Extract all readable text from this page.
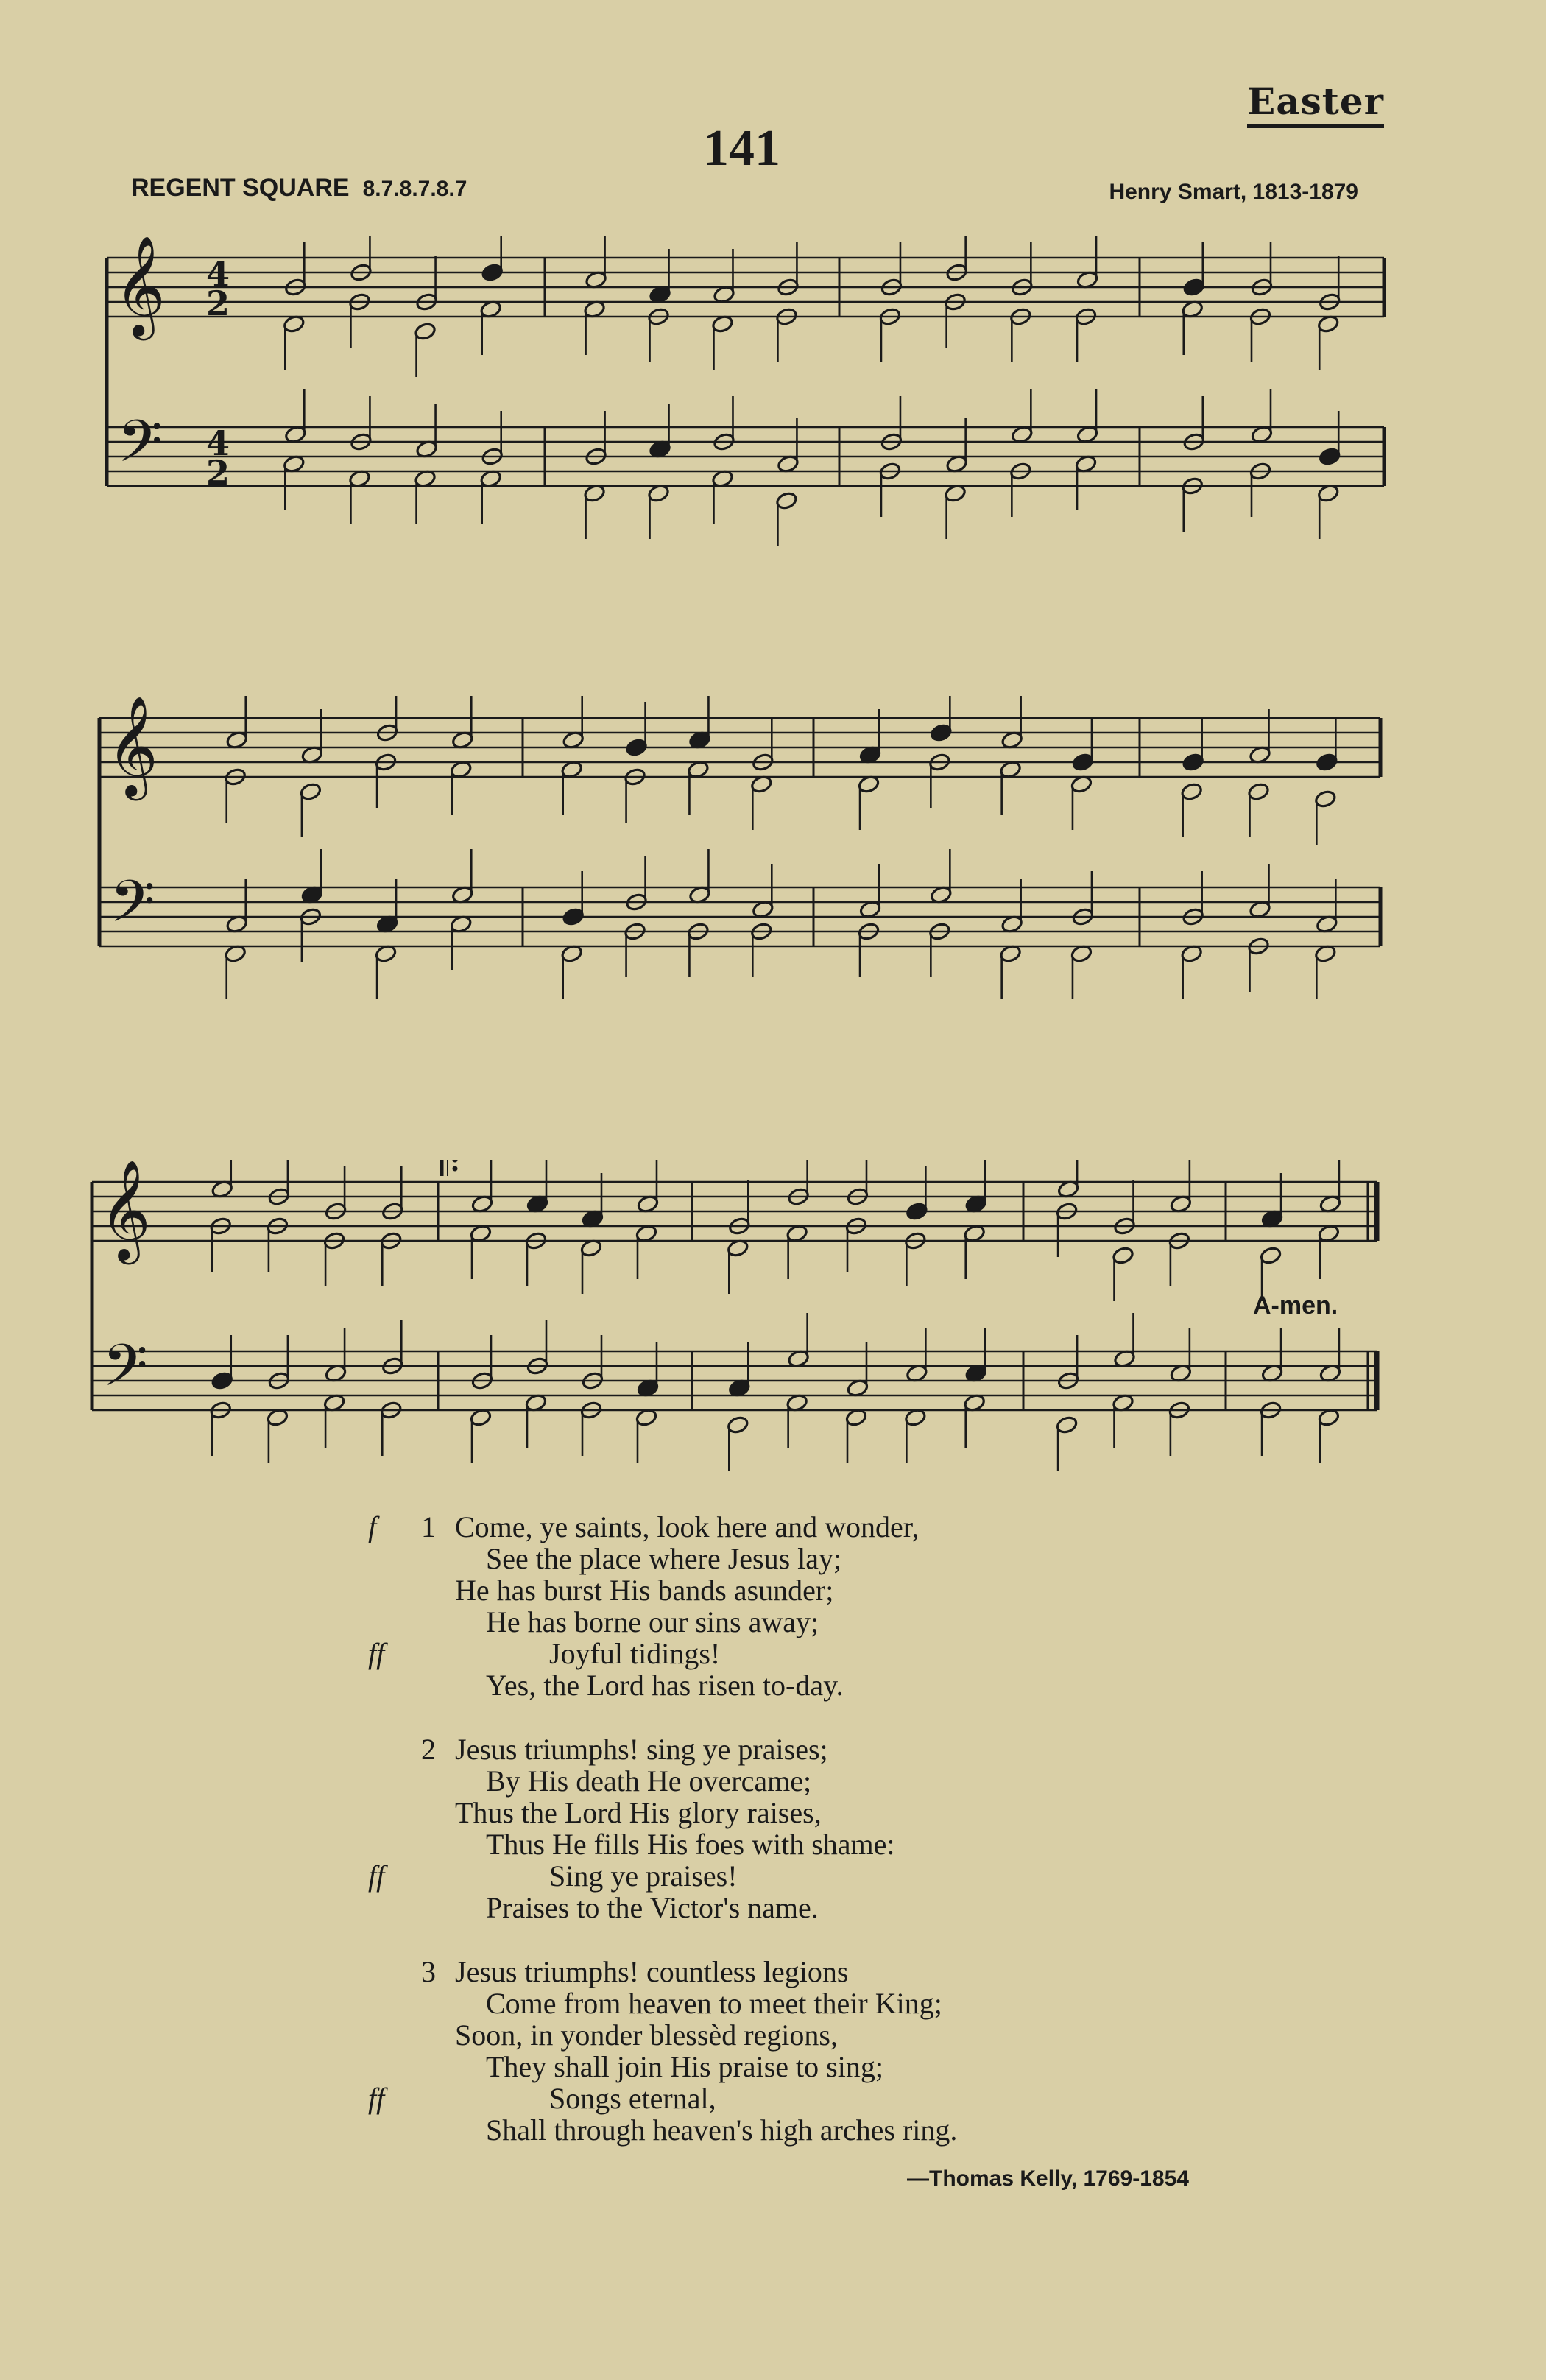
Easter
141
REGENT SQUARE 8.7.8.7.8.7	Henry Smart, 1813-1879
𝄞
𝄢
4
2
4
2
𝄞
𝄢
𝄞
𝄢
A-men.
f 1 Come, ye saints, look here and wonder,
See the place where Jesus lay;
He has burst His bands asunder;
He has borne our sins away;
ff	Joyful tidings!
Yes, the Lord has risen to-day.
2 Jesus triumphs! sing ye praises;
By His death He overcame;
Thus the Lord His glory raises,
Thus He fills His foes with shame:
ff	Sing ye praises!
Praises to the Victor's name.
3 Jesus triumphs! countless legions
Come from heaven to meet their King;
Soon, in yonder blessèd regions,
They shall join His praise to sing;
ff	Songs eternal,
Shall through heaven's high arches ring.
—Thomas Kelly, 1769-1854
